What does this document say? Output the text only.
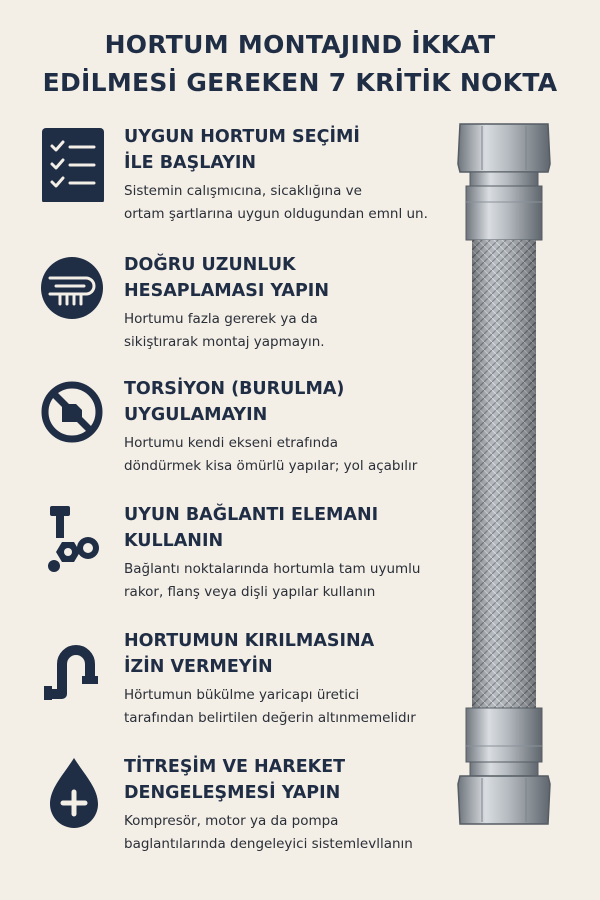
HORTUM MONTAJIND İKKAT
EDİLMESİ GEREKEN 7 KRİTİK NOKTA
UYGUN HORTUM SEÇİMİ
İLE BAŞLAYIN
Sistemin calışmıcına, sicaklığına ve
ortam şartlarına uygun oldugundan emnl un.
DOĞRU UZUNLUK
HESAPLAMASI YAPIN
Hortumu fazla gererek ya da
sikiştırarak montaj yapmayın.
TORSİYON (BURULMA)
UYGULAMAYIN
Hortumu kendi ekseni etrafında
döndürmek kisa ömürlü yapılar; yol açabılır
UYUN BAĞLANTI ELEMANI
KULLANIN
Bağlantı noktalarında hortumla tam uyumlu
rakor, flanş veya dişli yapılar kullanın
HORTUMUN KIRILMASINA
İZİN VERMEYİN
Hörtumun bükülme yaricapı üretici
tarafından belirtilen değerin altınmemelidır
TİTREŞİM VE HAREKET
DENGELEŞMESİ YAPIN
Kompresör, motor ya da pompa
baglantılarında dengeleyici sistemlevllanın
